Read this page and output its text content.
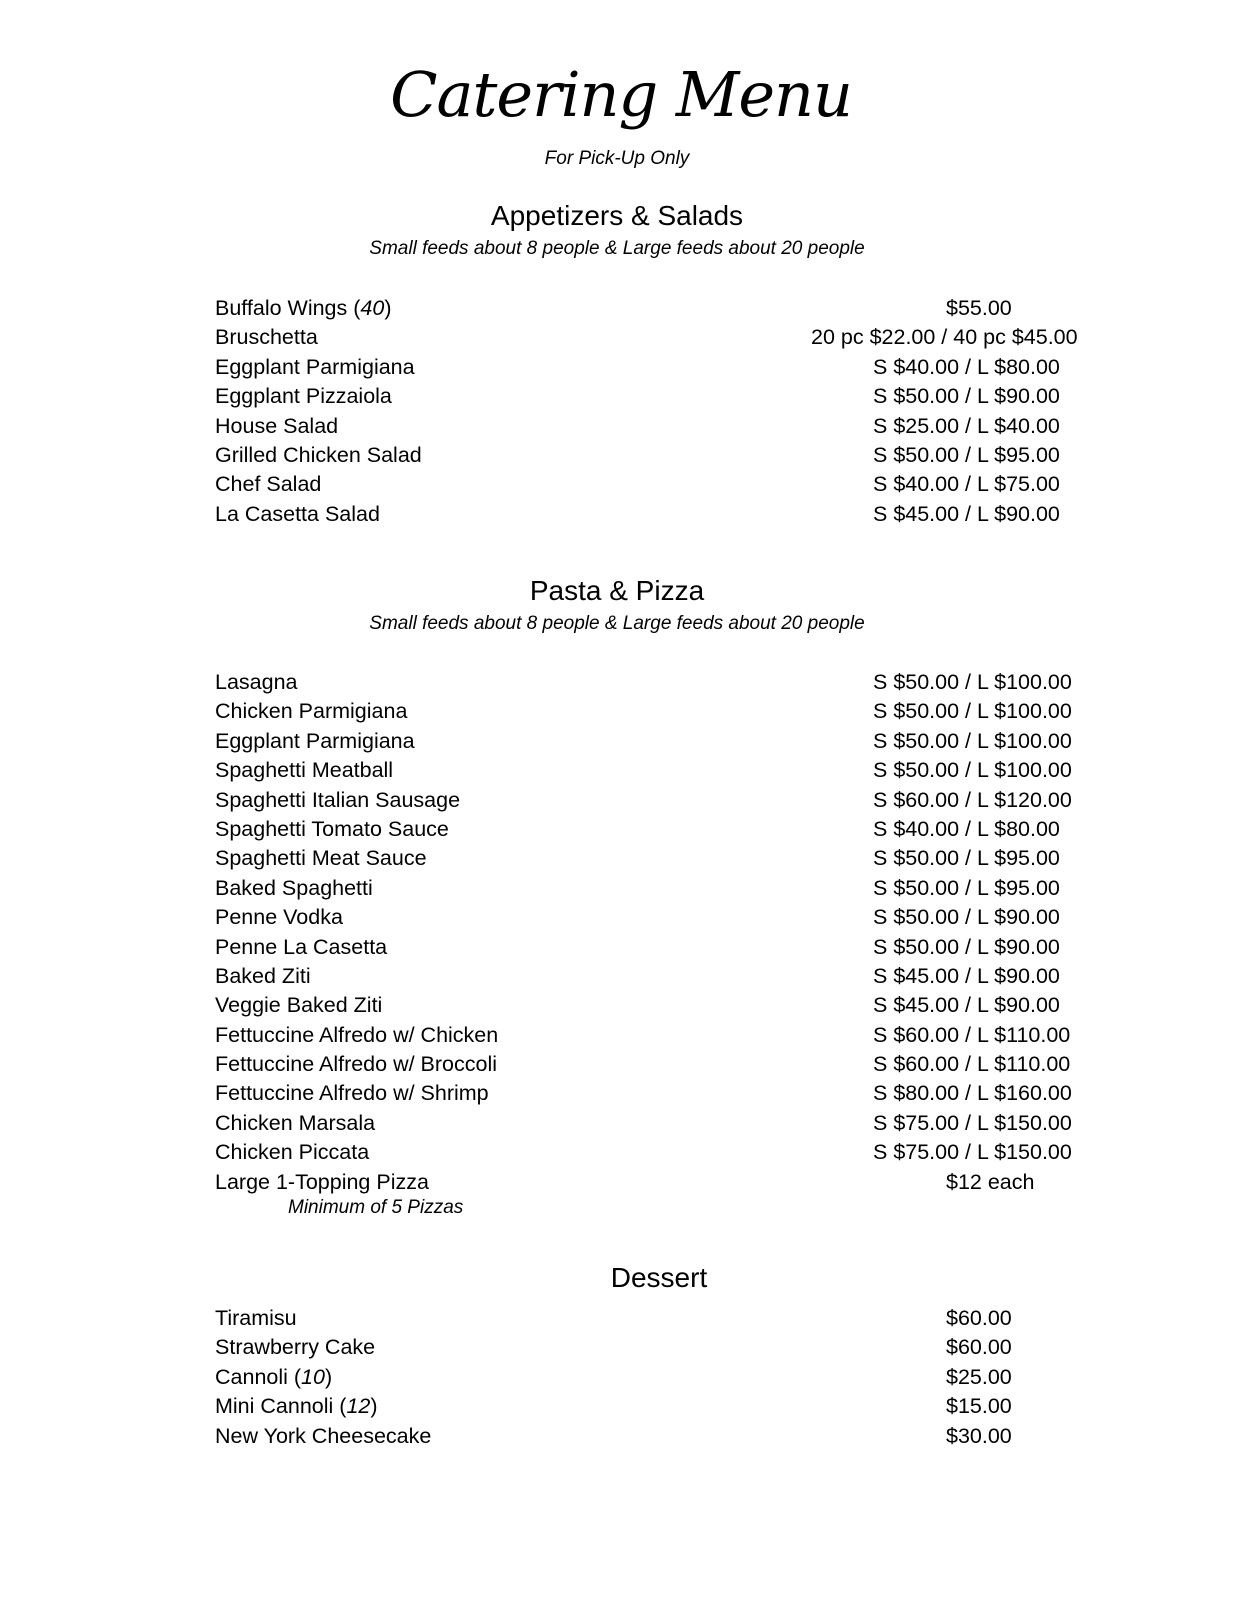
Catering Menu
For Pick-Up Only
Appetizers & Salads
Small feeds about 8 people & Large feeds about 20 people
Buffalo Wings (40)	$55.00
Bruschetta	20 pc $22.00 / 40 pc $45.00
Eggplant Parmigiana	S $40.00 / L $80.00
Eggplant Pizzaiola	S $50.00 / L $90.00
House Salad	S $25.00 / L $40.00
Grilled Chicken Salad	S $50.00 / L $95.00
Chef Salad	S $40.00 / L $75.00
La Casetta Salad	S $45.00 / L $90.00
Pasta & Pizza
Small feeds about 8 people & Large feeds about 20 people
Lasagna	S $50.00 / L $100.00
Chicken Parmigiana	S $50.00 / L $100.00
Eggplant Parmigiana	S $50.00 / L $100.00
Spaghetti Meatball	S $50.00 / L $100.00
Spaghetti Italian Sausage	S $60.00 / L $120.00
Spaghetti Tomato Sauce	S $40.00 / L $80.00
Spaghetti Meat Sauce	S $50.00 / L $95.00
Baked Spaghetti	S $50.00 / L $95.00
Penne Vodka	S $50.00 / L $90.00
Penne La Casetta	S $50.00 / L $90.00
Baked Ziti	S $45.00 / L $90.00
Veggie Baked Ziti	S $45.00 / L $90.00
Fettuccine Alfredo w/ Chicken	S $60.00 / L $110.00
Fettuccine Alfredo w/ Broccoli	S $60.00 / L $110.00
Fettuccine Alfredo w/ Shrimp	S $80.00 / L $160.00
Chicken Marsala	S $75.00 / L $150.00
Chicken Piccata	S $75.00 / L $150.00
Large 1-Topping Pizza	$12 each
Minimum of 5 Pizzas
Dessert
Tiramisu	$60.00
Strawberry Cake	$60.00
Cannoli (10)	$25.00
Mini Cannoli (12)	$15.00
New York Cheesecake	$30.00
